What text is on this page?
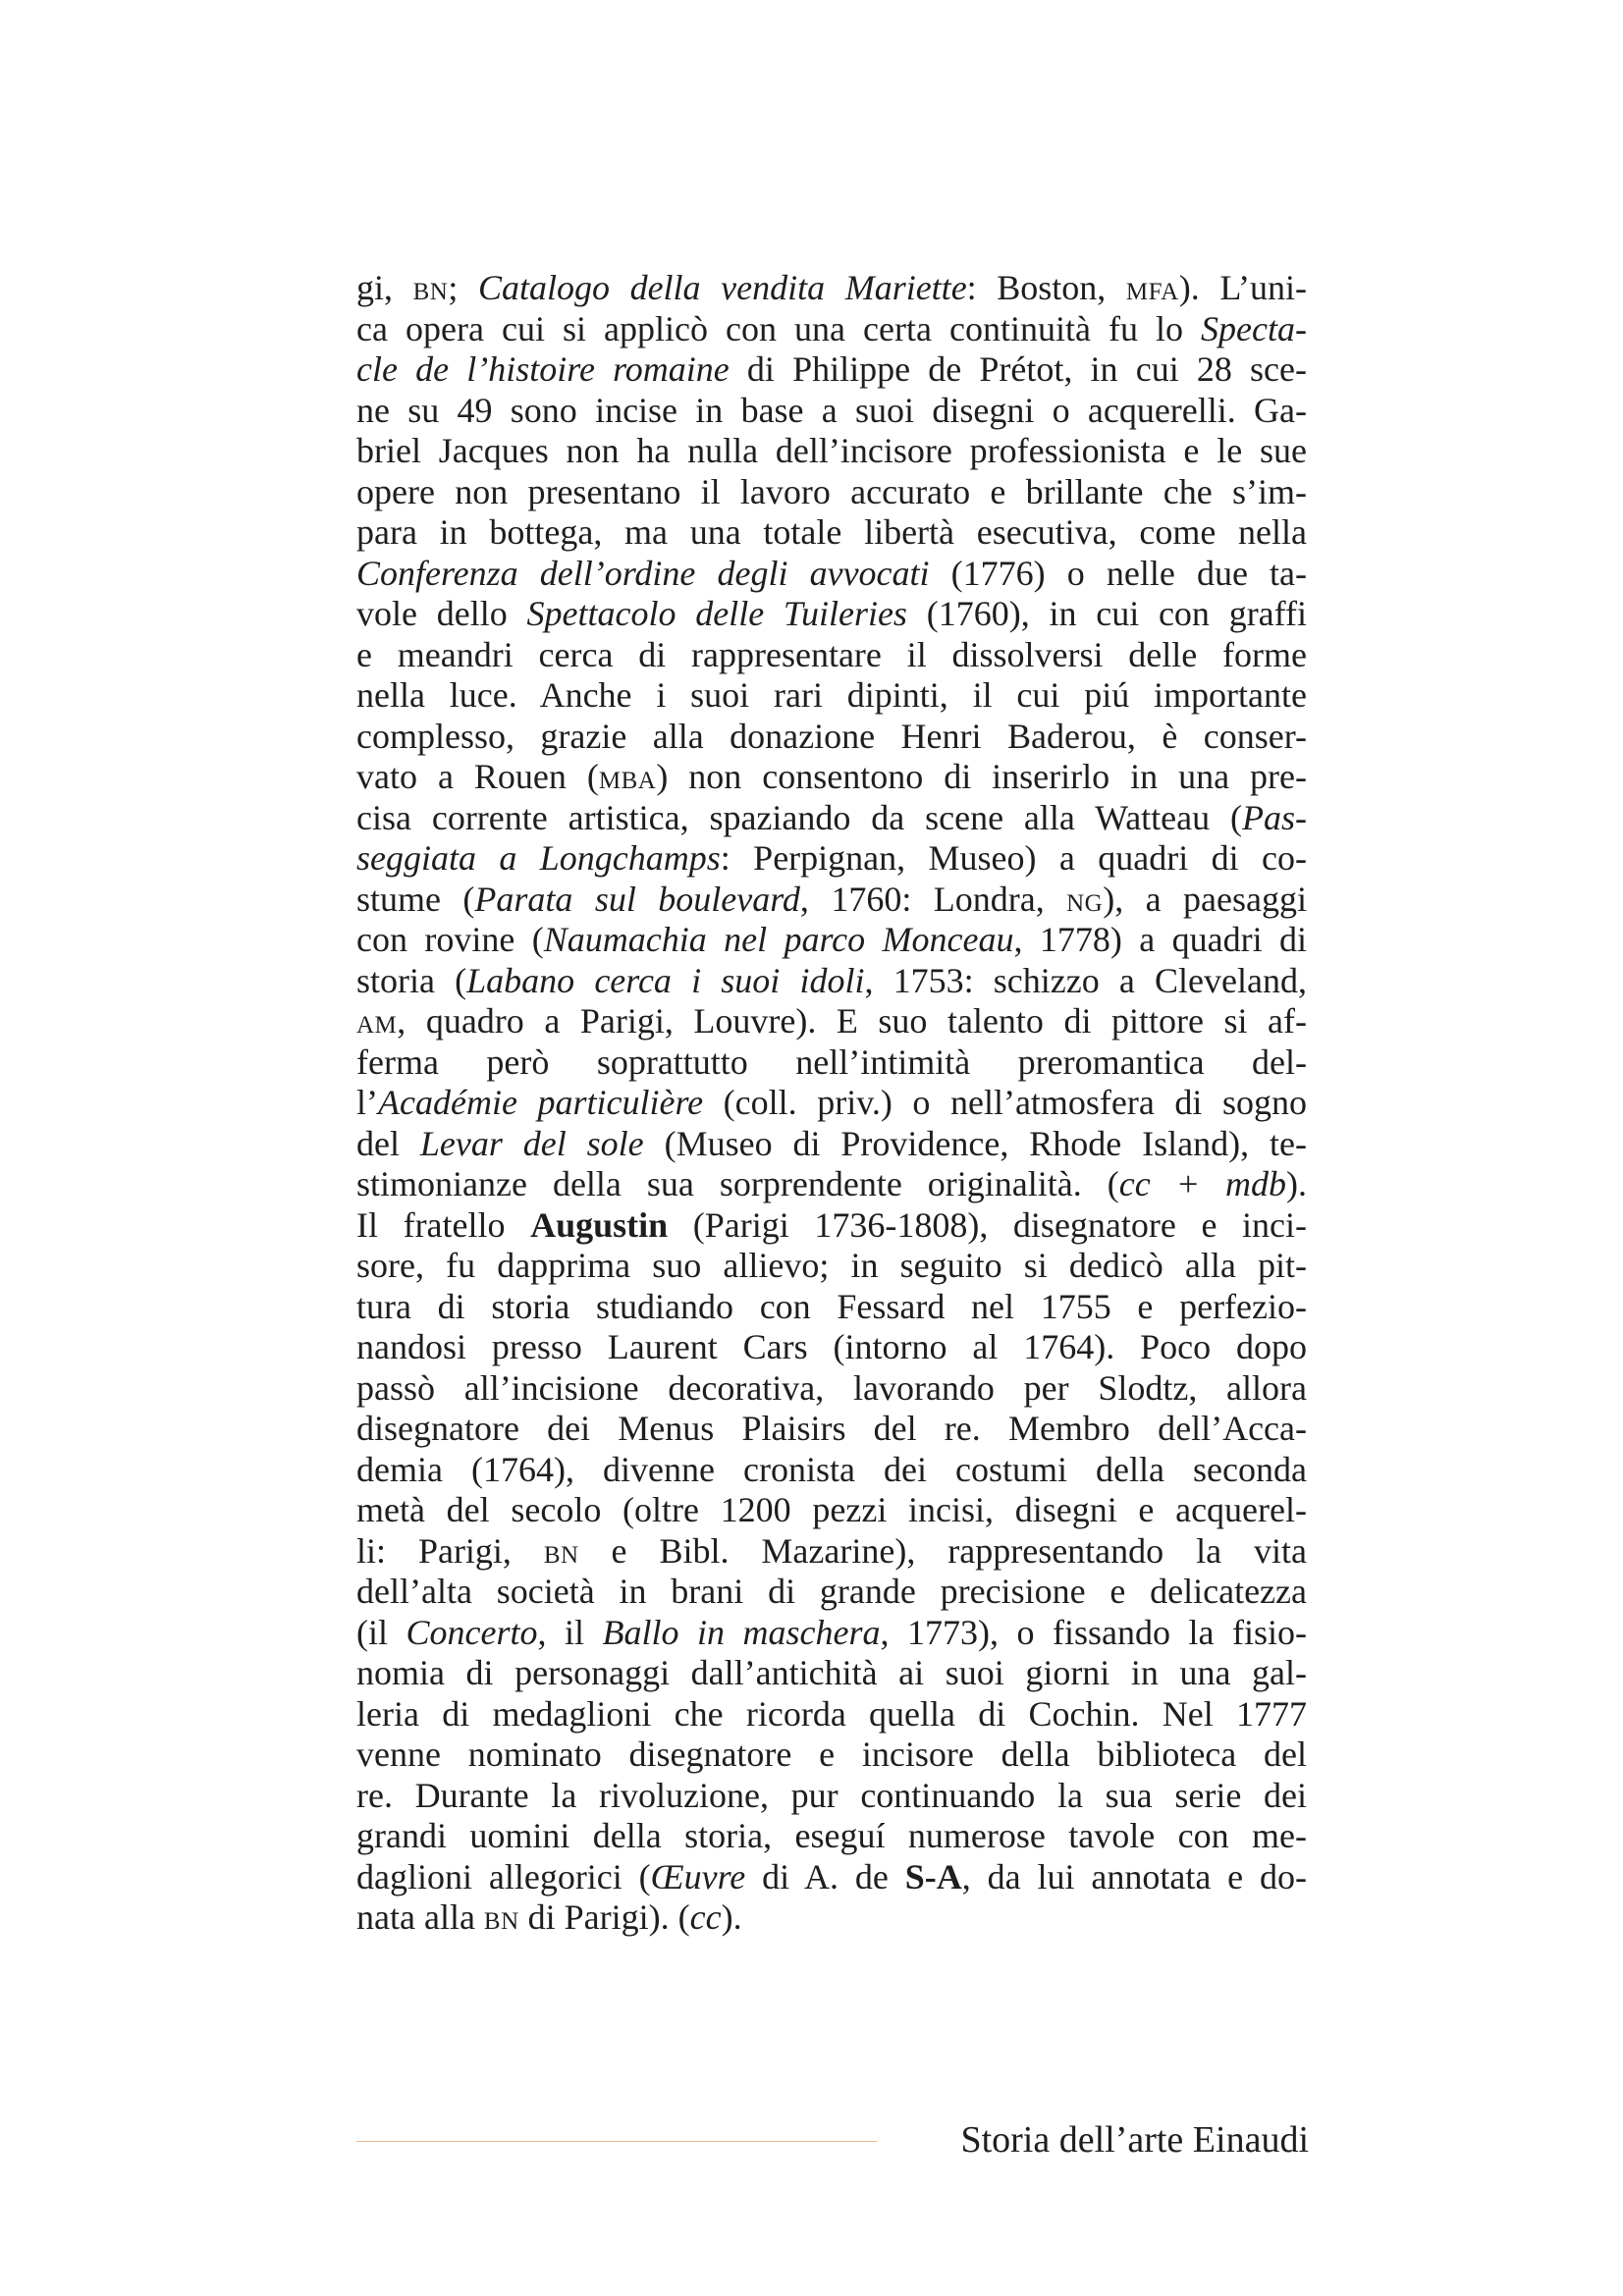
gi, bn; Catalogo della vendita Mariette: Boston, mfa). L’uni-
ca opera cui si applicò con una certa continuità fu lo Specta-
cle de l’histoire romaine di Philippe de Prétot, in cui 28 sce-
ne su 49 sono incise in base a suoi disegni o acquerelli. Ga-
briel Jacques non ha nulla dell’incisore professionista e le sue
opere non presentano il lavoro accurato e brillante che s’im-
para in bottega, ma una totale libertà esecutiva, come nella
Conferenza dell’ordine degli avvocati (1776) o nelle due ta-
vole dello Spettacolo delle Tuileries (1760), in cui con graffi
e meandri cerca di rappresentare il dissolversi delle forme
nella luce. Anche i suoi rari dipinti, il cui piú importante
complesso, grazie alla donazione Henri Baderou, è conser-
vato a Rouen (mba) non consentono di inserirlo in una pre-
cisa corrente artistica, spaziando da scene alla Watteau (Pas-
seggiata a Longchamps: Perpignan, Museo) a quadri di co-
stume (Parata sul boulevard, 1760: Londra, ng), a paesaggi
con rovine (Naumachia nel parco Monceau, 1778) a quadri di
storia (Labano cerca i suoi idoli, 1753: schizzo a Cleveland,
am, quadro a Parigi, Louvre). E suo talento di pittore si af-
ferma però soprattutto nell’intimità preromantica del-
l’Académie particulière (coll. priv.) o nell’atmosfera di sogno
del Levar del sole (Museo di Providence, Rhode Island), te-
stimonianze della sua sorprendente originalità. (cc + mdb).
Il fratello Augustin (Parigi 1736-1808), disegnatore e inci-
sore, fu dapprima suo allievo; in seguito si dedicò alla pit-
tura di storia studiando con Fessard nel 1755 e perfezio-
nandosi presso Laurent Cars (intorno al 1764). Poco dopo
passò all’incisione decorativa, lavorando per Slodtz, allora
disegnatore dei Menus Plaisirs del re. Membro dell’Acca-
demia (1764), divenne cronista dei costumi della seconda
metà del secolo (oltre 1200 pezzi incisi, disegni e acquerel-
li: Parigi, bn e Bibl. Mazarine), rappresentando la vita
dell’alta società in brani di grande precisione e delicatezza
(il Concerto, il Ballo in maschera, 1773), o fissando la fisio-
nomia di personaggi dall’antichità ai suoi giorni in una gal-
leria di medaglioni che ricorda quella di Cochin. Nel 1777
venne nominato disegnatore e incisore della biblioteca del
re. Durante la rivoluzione, pur continuando la sua serie dei
grandi uomini della storia, eseguí numerose tavole con me-
daglioni allegorici (Œuvre di A. de S-A, da lui annotata e do-
nata alla bn di Parigi). (cc).
Storia dell’arte Einaudi
